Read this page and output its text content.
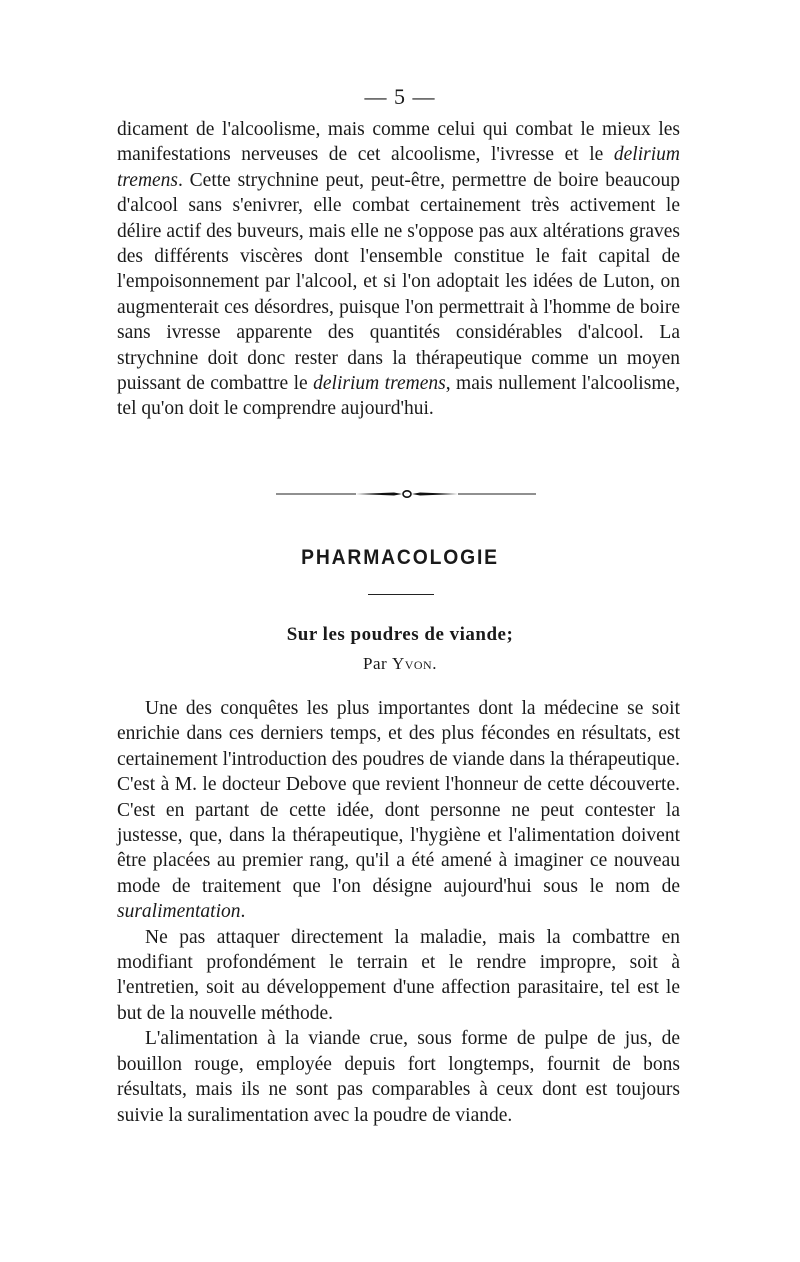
— 5 —

dicament de l'alcoolisme, mais comme celui qui combat le mieux les manifestations nerveuses de cet alcoolisme, l'ivresse et le delirium tremens. Cette strychnine peut, peut-être, permettre de boire beaucoup d'alcool sans s'enivrer, elle combat certainement très activement le délire actif des buveurs, mais elle ne s'oppose pas aux altérations graves des différents viscères dont l'ensemble constitue le fait capital de l'empoisonnement par l'alcool, et si l'on adoptait les idées de Luton, on augmenterait ces désordres, puisque l'on permettrait à l'homme de boire sans ivresse apparente des quantités considérables d'alcool. La strychnine doit donc rester dans la thérapeutique comme un moyen puissant de combattre le delirium tremens, mais nullement l'alcoolisme, tel qu'on doit le comprendre aujourd'hui.

PHARMACOLOGIE
Sur les poudres de viande;
Par Yvon.

Une des conquêtes les plus importantes dont la médecine se soit enrichie dans ces derniers temps, et des plus fécondes en résultats, est certainement l'introduction des poudres de viande dans la thérapeutique. C'est à M. le docteur Debove que revient l'honneur de cette découverte. C'est en partant de cette idée, dont personne ne peut contester la justesse, que, dans la thérapeutique, l'hygiène et l'alimentation doivent être placées au premier rang, qu'il a été amené à imaginer ce nouveau mode de traitement que l'on désigne aujourd'hui sous le nom de suralimentation.

Ne pas attaquer directement la maladie, mais la combattre en modifiant profondément le terrain et le rendre impropre, soit à l'entretien, soit au développement d'une affection parasitaire, tel est le but de la nouvelle méthode.

L'alimentation à la viande crue, sous forme de pulpe de jus, de bouillon rouge, employée depuis fort longtemps, fournit de bons résultats, mais ils ne sont pas comparables à ceux dont est toujours suivie la suralimentation avec la poudre de viande.
